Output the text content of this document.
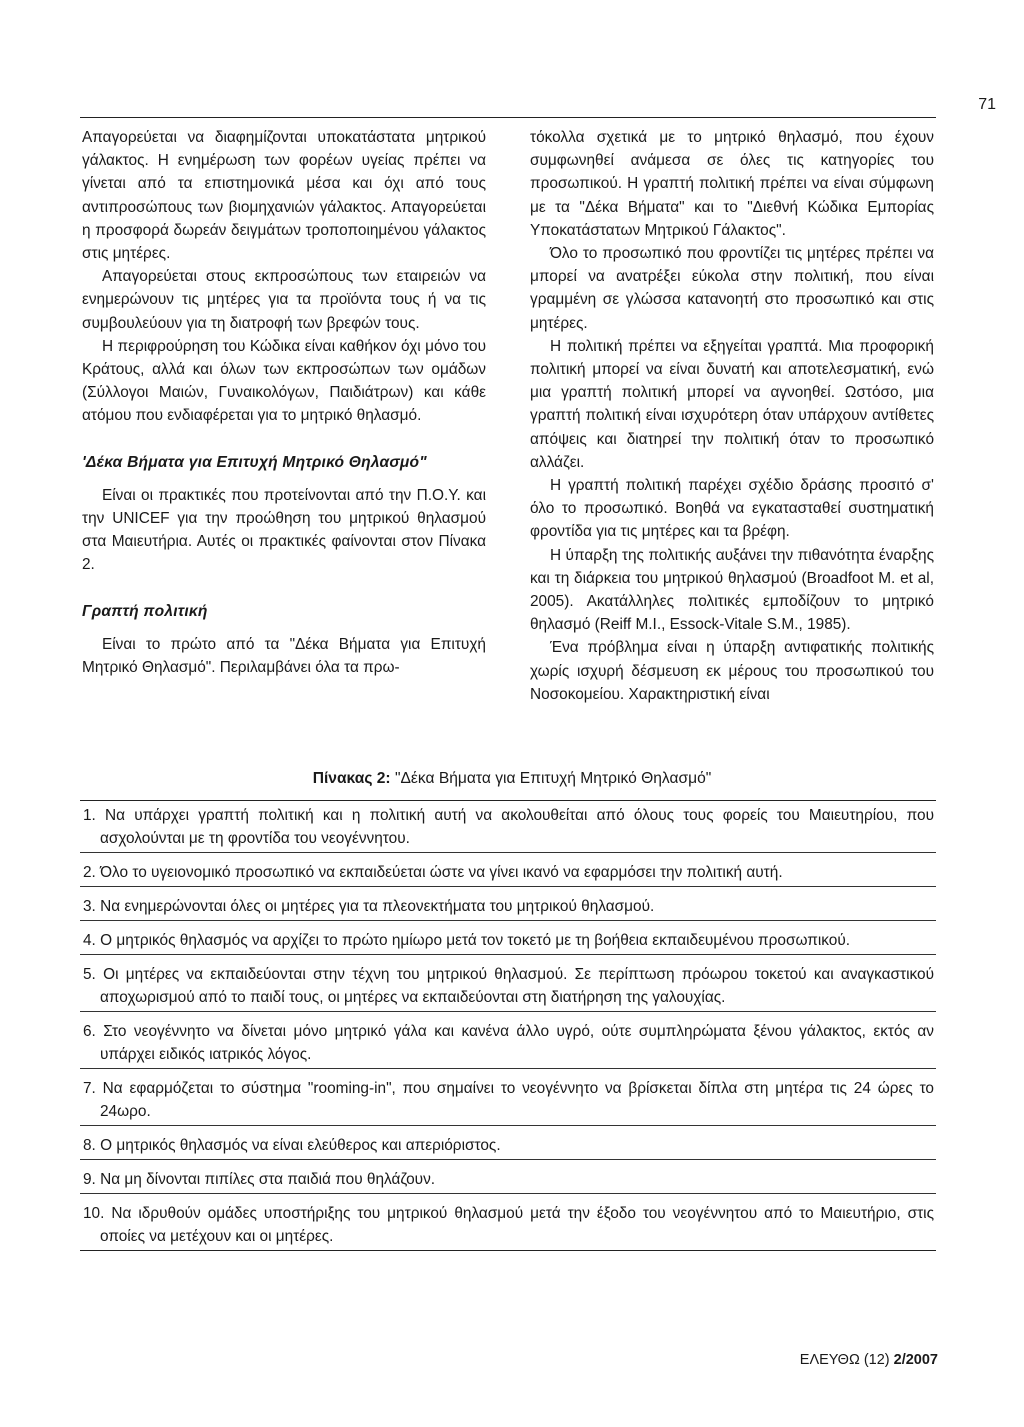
71

Απαγορεύεται να διαφημίζονται υποκατάστατα μητρικού γάλακτος. Η ενημέρωση των φορέων υγείας πρέπει να γίνεται από τα επιστημονικά μέσα και όχι από τους αντιπροσώπους των βιομηχανιών γάλακτος. Απαγορεύεται η προσφορά δωρεάν δειγμάτων τροποποιημένου γάλακτος στις μητέρες.

Απαγορεύεται στους εκπροσώπους των εταιρειών να ενημερώνουν τις μητέρες για τα προϊόντα τους ή να τις συμβουλεύουν για τη διατροφή των βρεφών τους.

Η περιφρούρηση του Κώδικα είναι καθήκον όχι μόνο του Κράτους, αλλά και όλων των εκπροσώπων των ομάδων (Σύλλογοι Μαιών, Γυναικολόγων, Παιδιάτρων) και κάθε ατόμου που ενδιαφέρεται για το μητρικό θηλασμό.

'Δέκα Βήματα για Επιτυχή Μητρικό Θηλασμό"

Είναι οι πρακτικές που προτείνονται από την Π.Ο.Υ. και την UNICEF για την προώθηση του μητρικού θηλασμού στα Μαιευτήρια. Αυτές οι πρακτικές φαίνονται στον Πίνακα 2.

Γραπτή πολιτική

Είναι το πρώτο από τα "Δέκα Βήματα για Επιτυχή Μητρικό Θηλασμό". Περιλαμβάνει όλα τα πρω-

τόκολλα σχετικά με το μητρικό θηλασμό, που έχουν συμφωνηθεί ανάμεσα σε όλες τις κατηγορίες του προσωπικού. Η γραπτή πολιτική πρέπει να είναι σύμφωνη με τα "Δέκα Βήματα" και το "Διεθνή Κώδικα Εμπορίας Υποκατάστατων Μητρικού Γάλακτος".

Όλο το προσωπικό που φροντίζει τις μητέρες πρέπει να μπορεί να ανατρέξει εύκολα στην πολιτική, που είναι γραμμένη σε γλώσσα κατανοητή στο προσωπικό και στις μητέρες.

Η πολιτική πρέπει να εξηγείται γραπτά. Μια προφορική πολιτική μπορεί να είναι δυνατή και αποτελεσματική, ενώ μια γραπτή πολιτική μπορεί να αγνοηθεί. Ωστόσο, μια γραπτή πολιτική είναι ισχυρότερη όταν υπάρχουν αντίθετες απόψεις και διατηρεί την πολιτική όταν το προσωπικό αλλάζει.

Η γραπτή πολιτική παρέχει σχέδιο δράσης προσιτό σ' όλο το προσωπικό. Βοηθά να εγκατασταθεί συστηματική φροντίδα για τις μητέρες και τα βρέφη.

Η ύπαρξη της πολιτικής αυξάνει την πιθανότητα έναρξης και τη διάρκεια του μητρικού θηλασμού (Broadfoot M. et al, 2005). Ακατάλληλες πολιτικές εμποδίζουν το μητρικό θηλασμό (Reiff M.I., Essock-Vitale S.M., 1985).

Ένα πρόβλημα είναι η ύπαρξη αντιφατικής πολιτικής χωρίς ισχυρή δέσμευση εκ μέρους του προσωπικού του Νοσοκομείου. Χαρακτηριστική είναι

Πίνακας 2: "Δέκα Βήματα για Επιτυχή Μητρικό Θηλασμό"
1. Να υπάρχει γραπτή πολιτική και η πολιτική αυτή να ακολουθείται από όλους τους φορείς του Μαιευτηρίου, που ασχολούνται με τη φροντίδα του νεογέννητου.
2. Όλο το υγειονομικό προσωπικό να εκπαιδεύεται ώστε να γίνει ικανό να εφαρμόσει την πολιτική αυτή.
3. Να ενημερώνονται όλες οι μητέρες για τα πλεονεκτήματα του μητρικού θηλασμού.
4. Ο μητρικός θηλασμός να αρχίζει το πρώτο ημίωρο μετά τον τοκετό με τη βοήθεια εκπαιδευμένου προσωπικού.
5. Οι μητέρες να εκπαιδεύονται στην τέχνη του μητρικού θηλασμού. Σε περίπτωση πρόωρου τοκετού και αναγκαστικού αποχωρισμού από το παιδί τους, οι μητέρες να εκπαιδεύονται στη διατήρηση της γαλουχίας.
6. Στο νεογέννητο να δίνεται μόνο μητρικό γάλα και κανένα άλλο υγρό, ούτε συμπληρώματα ξένου γάλακτος, εκτός αν υπάρχει ειδικός ιατρικός λόγος.
7. Να εφαρμόζεται το σύστημα "rooming-in", που σημαίνει το νεογέννητο να βρίσκεται δίπλα στη μητέρα τις 24 ώρες το 24ωρο.
8. Ο μητρικός θηλασμός να είναι ελεύθερος και απεριόριστος.
9. Να μη δίνονται πιπίλες στα παιδιά που θηλάζουν.
10. Να ιδρυθούν ομάδες υποστήριξης του μητρικού θηλασμού μετά την έξοδο του νεογέννητου από το Μαιευτήριο, στις οποίες να μετέχουν και οι μητέρες.
ΕΛΕΥΘΩ (12) 2/2007
